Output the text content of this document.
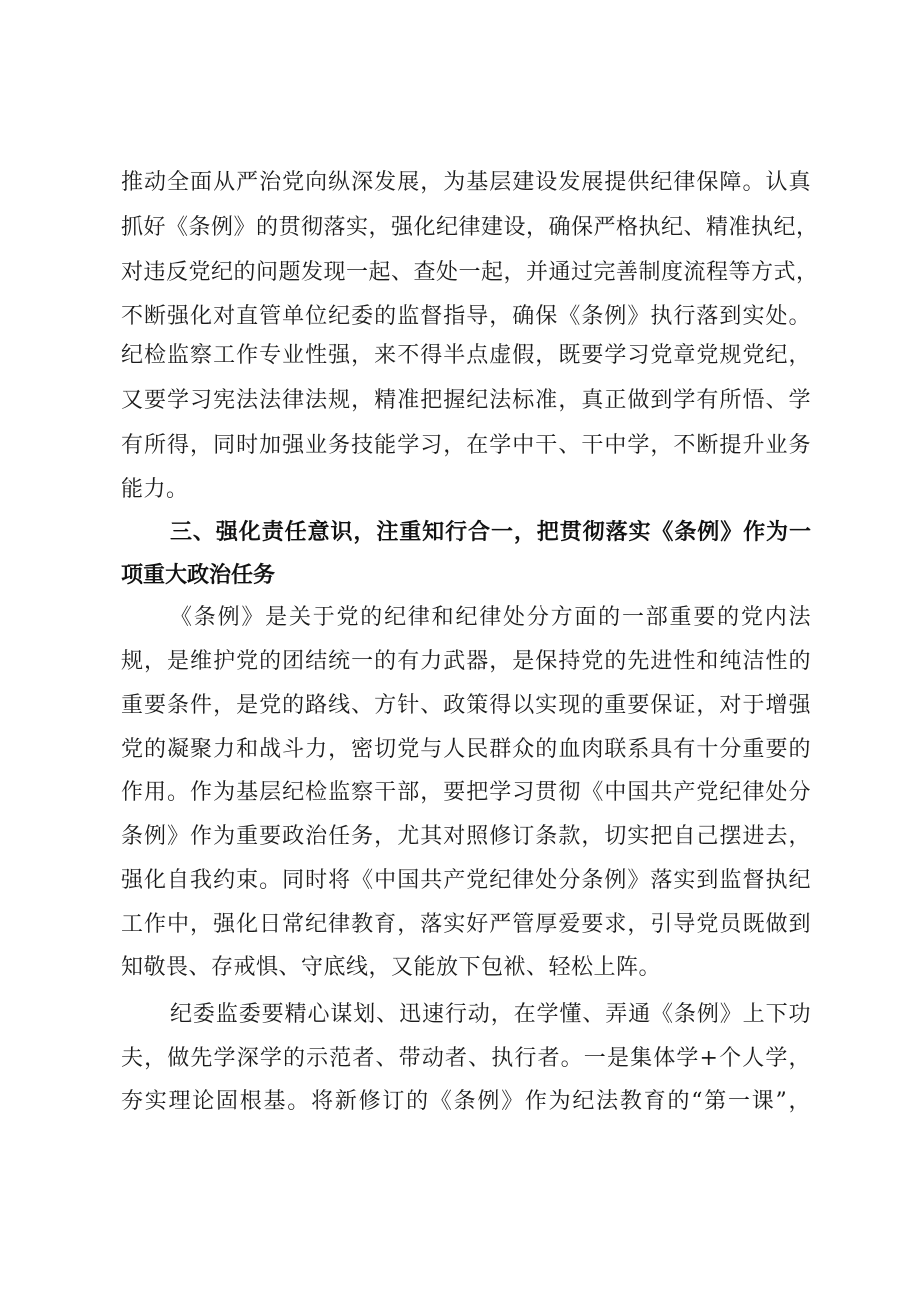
推动全面从严治党向纵深发展，为基层建设发展提供纪律保障。认真
抓好《条例》的贯彻落实，强化纪律建设，确保严格执纪、精准执纪，
对违反党纪的问题发现一起、查处一起，并通过完善制度流程等方式，
不断强化对直管单位纪委的监督指导，确保《条例》执行落到实处。
纪检监察工作专业性强，来不得半点虚假，既要学习党章党规党纪，
又要学习宪法法律法规，精准把握纪法标准，真正做到学有所悟、学
有所得，同时加强业务技能学习，在学中干、干中学，不断提升业务
能力。
三、强化责任意识，注重知行合一，把贯彻落实《条例》作为一
项重大政治任务
《条例》是关于党的纪律和纪律处分方面的一部重要的党内法
规，是维护党的团结统一的有力武器，是保持党的先进性和纯洁性的
重要条件，是党的路线、方针、政策得以实现的重要保证，对于增强
党的凝聚力和战斗力，密切党与人民群众的血肉联系具有十分重要的
作用。作为基层纪检监察干部，要把学习贯彻《中国共产党纪律处分
条例》作为重要政治任务，尤其对照修订条款，切实把自己摆进去，
强化自我约束。同时将《中国共产党纪律处分条例》落实到监督执纪
工作中，强化日常纪律教育，落实好严管厚爱要求，引导党员既做到
知敬畏、存戒惧、守底线，又能放下包袱、轻松上阵。
纪委监委要精心谋划、迅速行动，在学懂、弄通《条例》上下功
夫，做先学深学的示范者、带动者、执行者。一是集体学+个人学，
夯实理论固根基。将新修订的《条例》作为纪法教育的“第一课”，
